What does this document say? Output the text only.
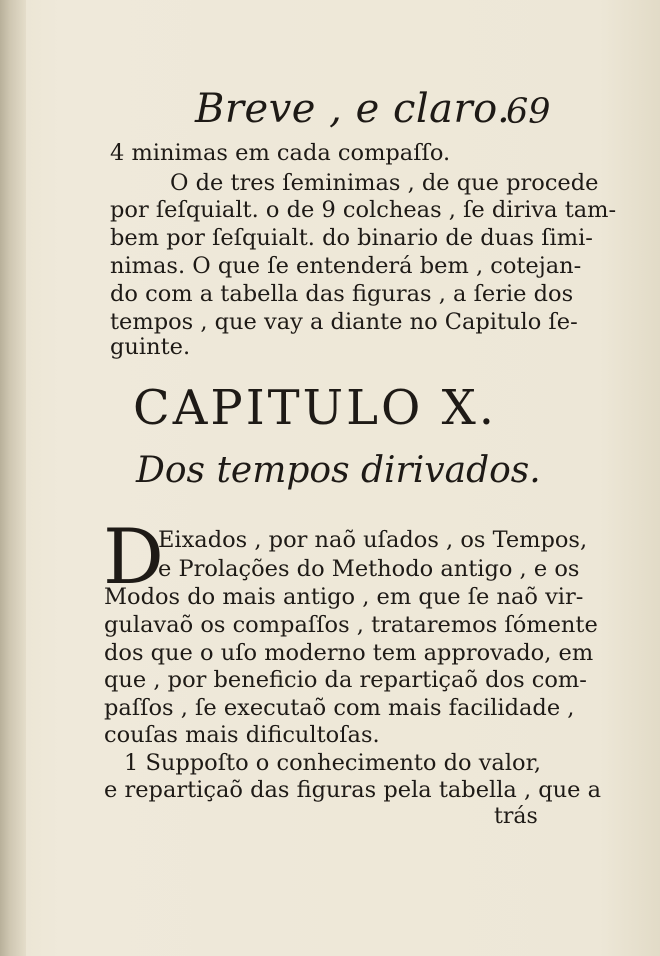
Breve , e claro.
69
4 minimas em cada compaſſo.
O de tres ſeminimas , de que procede
por ſeſquialt. o de 9 colcheas , ſe diriva tam-
bem por ſeſquialt. do binario de duas ſimi-
nimas. O que ſe entenderá bem , cotejan-
do com a tabella das figuras , a ſerie dos
tempos , que vay a diante no Capitulo ſe-
guinte.
CAPITULO X.
Dos tempos dirivados.
D
Eixados , por naõ uſados , os Tempos,
e Prolações do Methodo antigo , e os
Modos do mais antigo , em que ſe naõ vir-
gulavaõ os compaſſos , trataremos ſómente
dos que o uſo moderno tem approvado, em
que , por beneficio da repartiçaõ dos com-
paſſos , ſe executaõ com mais facilidade ,
couſas mais dificultoſas.
1 Suppoſto o conhecimento do valor,
e repartiçaõ das figuras pela tabella , que a
trás
